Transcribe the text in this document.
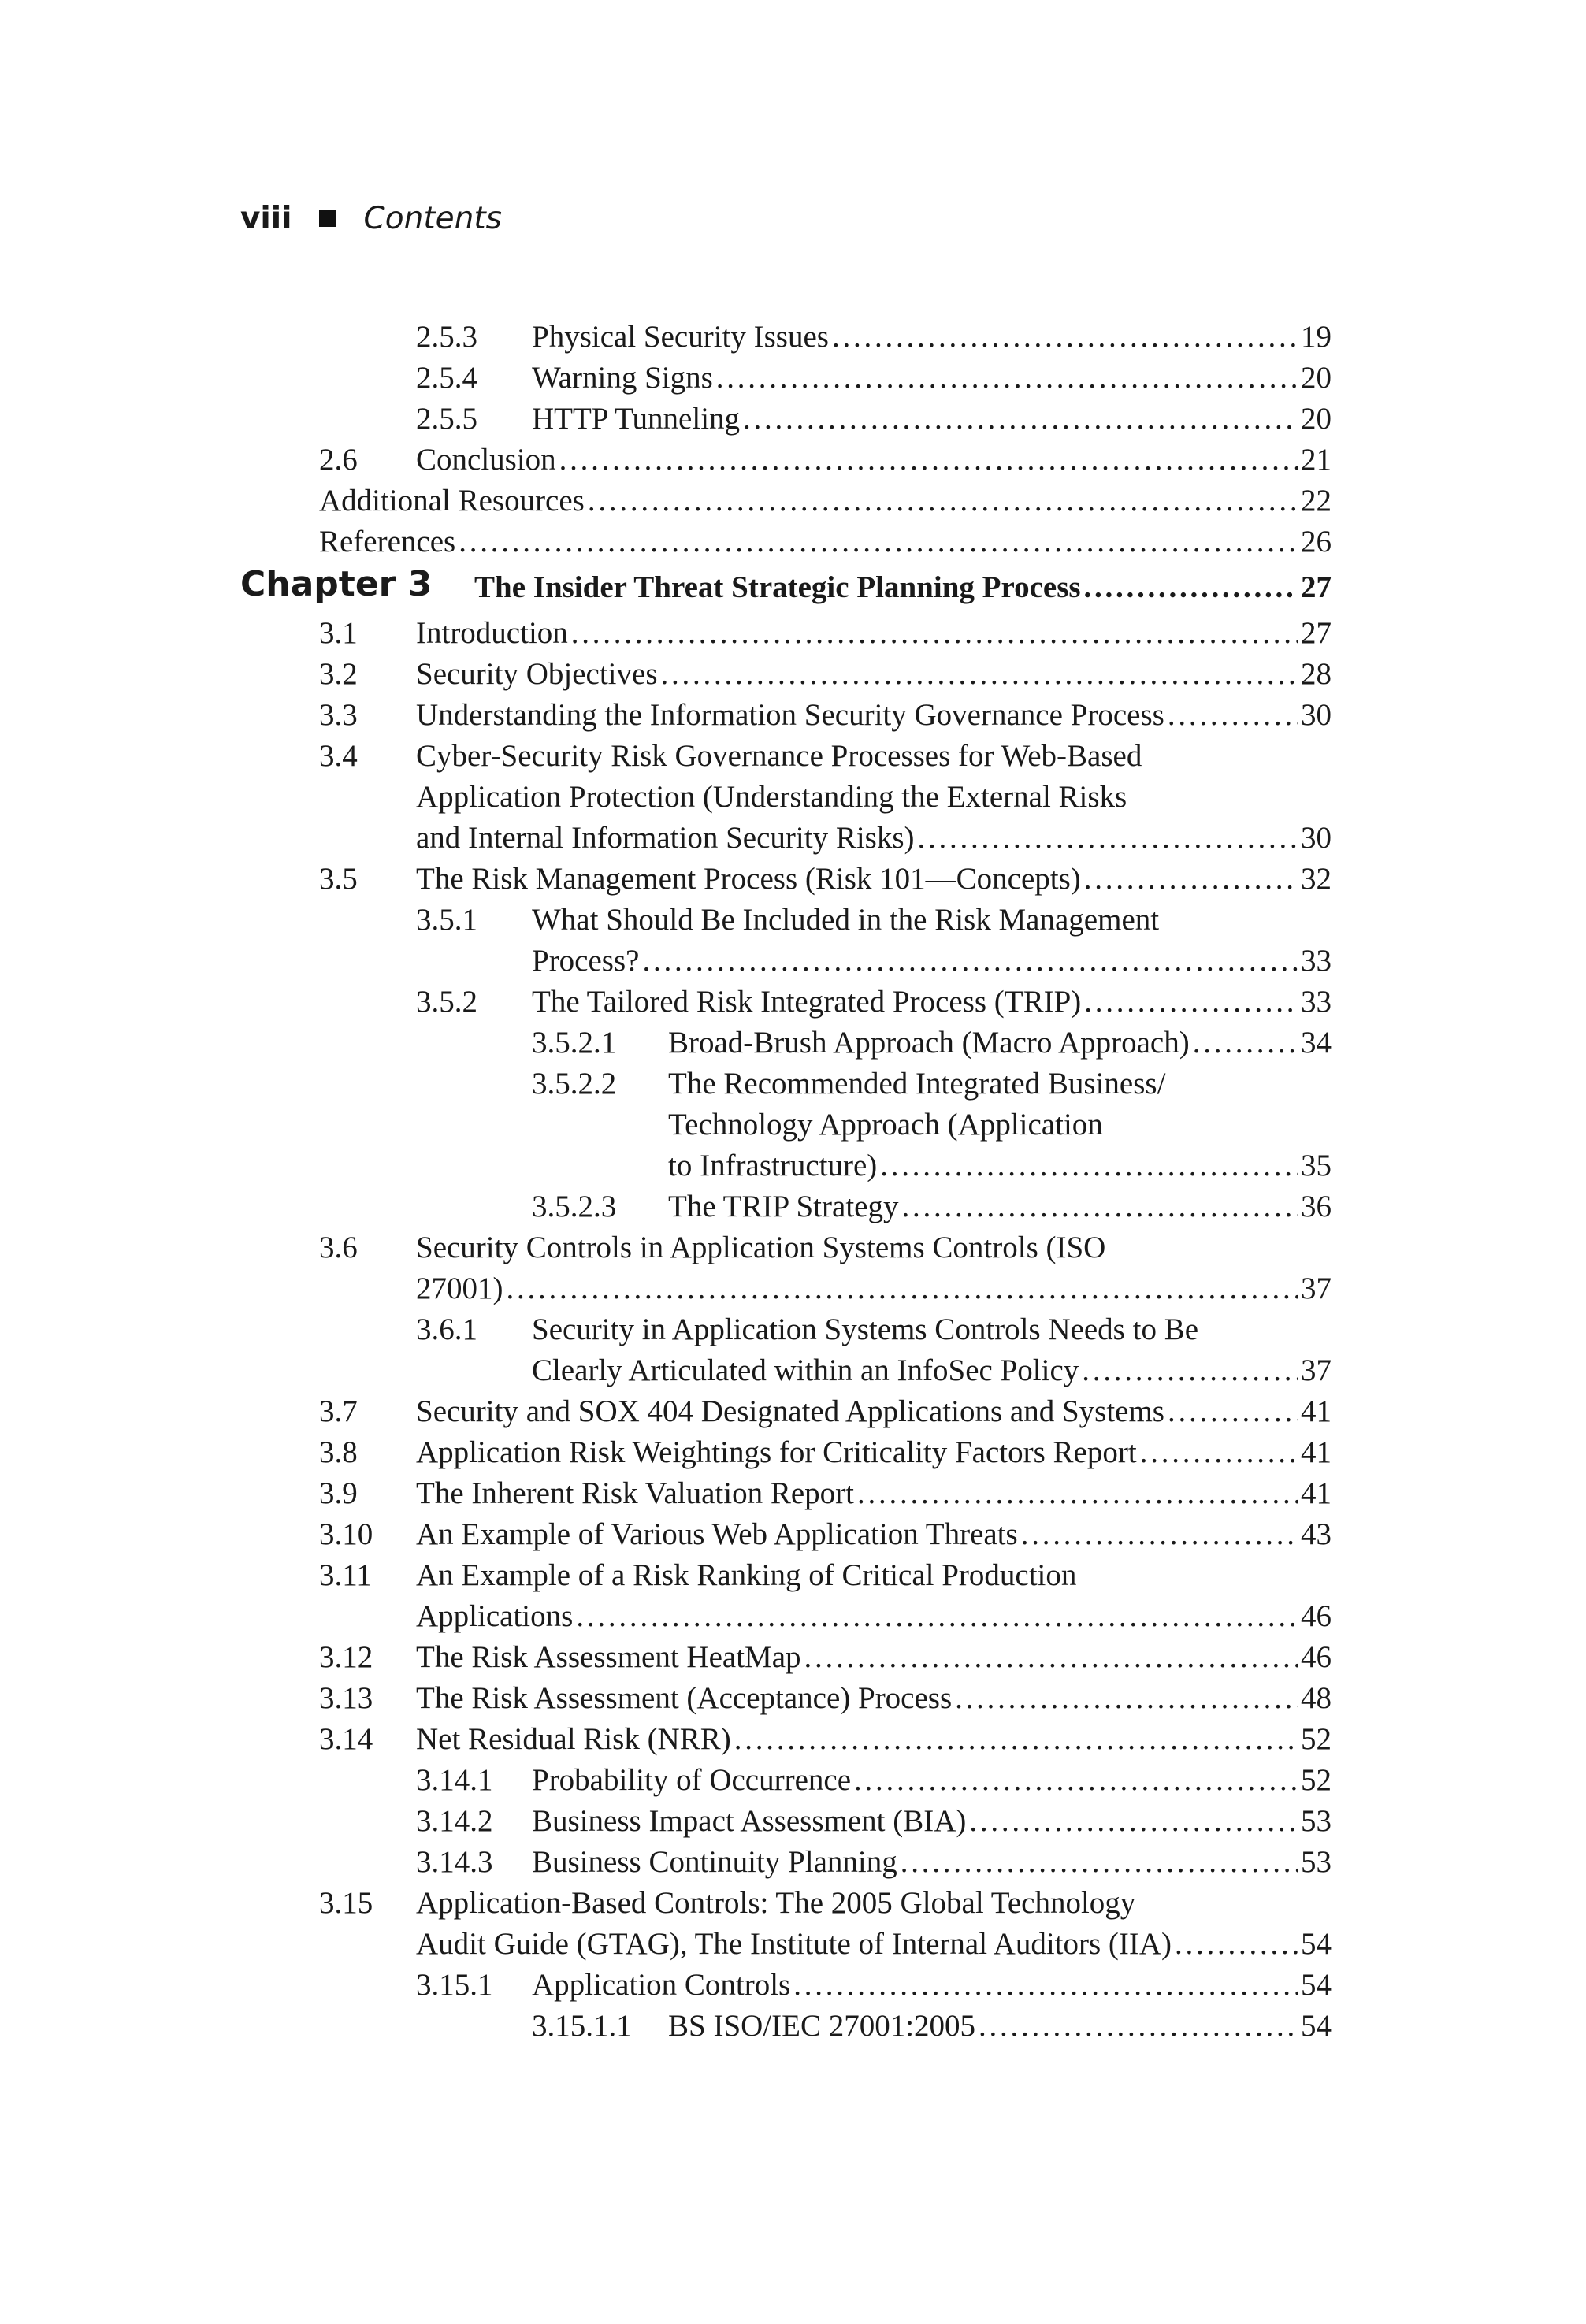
viii Contents
2.5.3 Physical Security Issues . . .	19
2.5.4 Warning Signs . . .	20
2.5.5 HTTP Tunneling . . .	20
2.6 Conclusion . . .	21
Additional Resources . . .	22
References . . .	26
Chapter 3 The Insider Threat Strategic Planning Process . . .	27
3.1 Introduction . . .	27
3.2 Security Objectives . . .	28
3.3 Understanding the Information Security Governance Process . . .	30
3.4 Cyber-Security Risk Governance Processes for Web-Based
Application Protection (Understanding the External Risks
and Internal Information Security Risks) . . .	30
3.5 The Risk Management Process (Risk 101—Concepts) . . .	32
3.5.1 What Should Be Included in the Risk Management
Process? . . .	33
3.5.2 The Tailored Risk Integrated Process (TRIP) . . .	33
3.5.2.1 Broad-Brush Approach (Macro Approach) . . .	34
3.5.2.2 The Recommended Integrated Business/
Technology Approach (Application
to Infrastructure) . . .	35
3.5.2.3 The TRIP Strategy . . .	36
3.6 Security Controls in Application Systems Controls (ISO
27001) . . .	37
3.6.1 Security in Application Systems Controls Needs to Be
Clearly Articulated within an InfoSec Policy . . .	37
3.7 Security and SOX 404 Designated Applications and Systems . . .	41
3.8 Application Risk Weightings for Criticality Factors Report . . .	41
3.9 The Inherent Risk Valuation Report . . .	41
3.10 An Example of Various Web Application Threats . . .	43
3.11 An Example of a Risk Ranking of Critical Production
Applications . . .	46
3.12 The Risk Assessment HeatMap . . .	46
3.13 The Risk Assessment (Acceptance) Process . . .	48
3.14 Net Residual Risk (NRR) . . .	52
3.14.1 Probability of Occurrence . . .	52
3.14.2 Business Impact Assessment (BIA) . . .	53
3.14.3 Business Continuity Planning . . .	53
3.15 Application-Based Controls: The 2005 Global Technology
Audit Guide (GTAG), The Institute of Internal Auditors (IIA) . . .	54
3.15.1 Application Controls . . .	54
3.15.1.1 BS ISO/IEC 27001:2005 . . .	54
